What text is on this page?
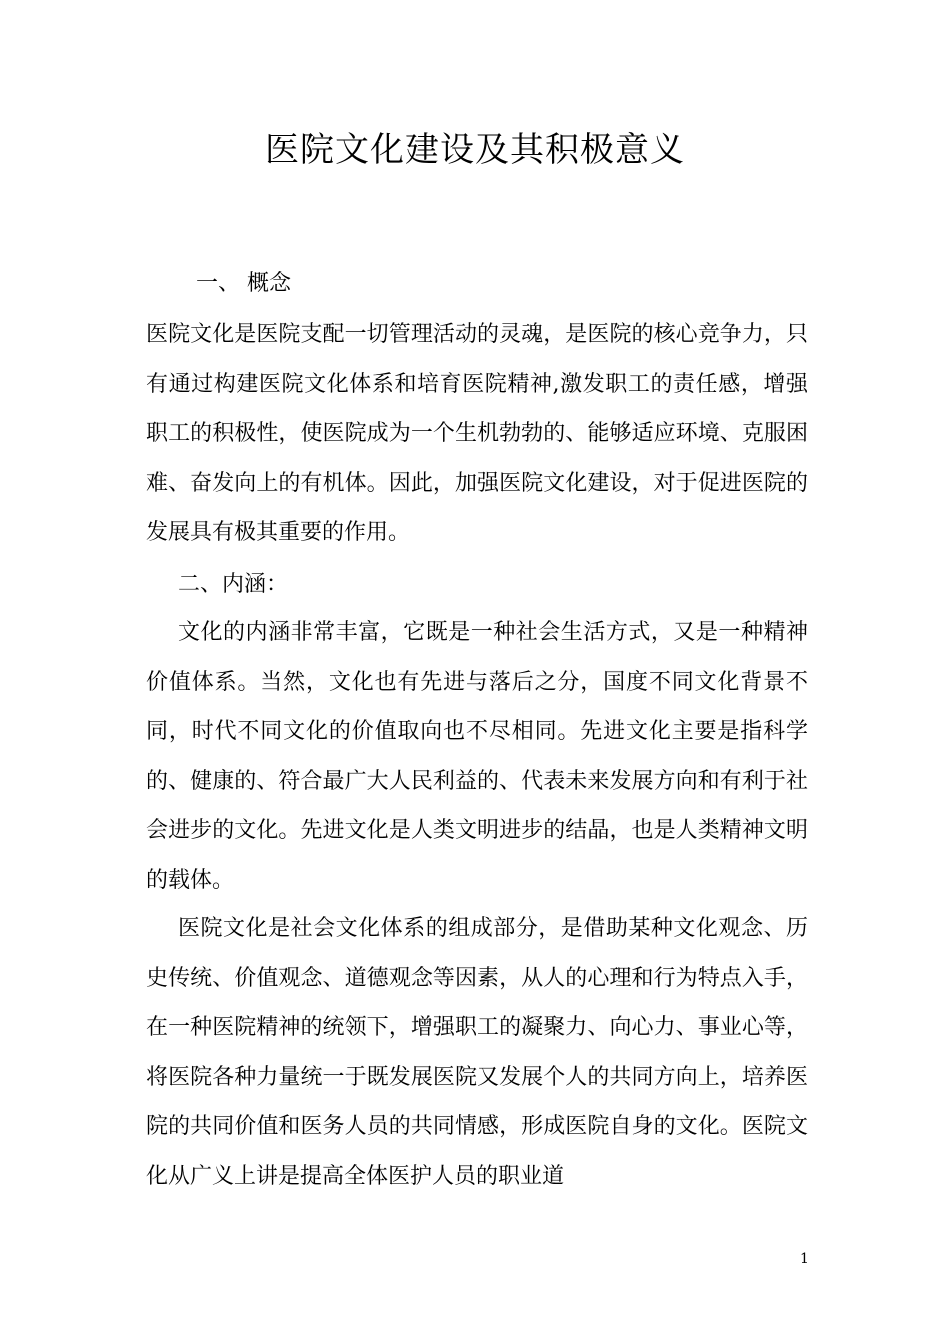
医院文化建设及其积极意义
一、 概念

医院文化是医院支配一切管理活动的灵魂，是医院的核心竞争力，只有通过构建医院文化体系和培育医院精神,激发职工的责任感，增强职工的积极性，使医院成为一个生机勃勃的、能够适应环境、克服困难、奋发向上的有机体。因此，加强医院文化建设，对于促进医院的发展具有极其重要的作用。

二、内涵：

文化的内涵非常丰富，它既是一种社会生活方式，又是一种精神价值体系。当然，文化也有先进与落后之分，国度不同文化背景不同，时代不同文化的价值取向也不尽相同。先进文化主要是指科学的、健康的、符合最广大人民利益的、代表未来发展方向和有利于社会进步的文化。先进文化是人类文明进步的结晶，也是人类精神文明的载体。

医院文化是社会文化体系的组成部分，是借助某种文化观念、历史传统、价值观念、道德观念等因素，从人的心理和行为特点入手，在一种医院精神的统领下，增强职工的凝聚力、向心力、事业心等，将医院各种力量统一于既发展医院又发展个人的共同方向上，培养医院的共同价值和医务人员的共同情感，形成医院自身的文化。医院文化从广义上讲是提高全体医护人员的职业道

1
